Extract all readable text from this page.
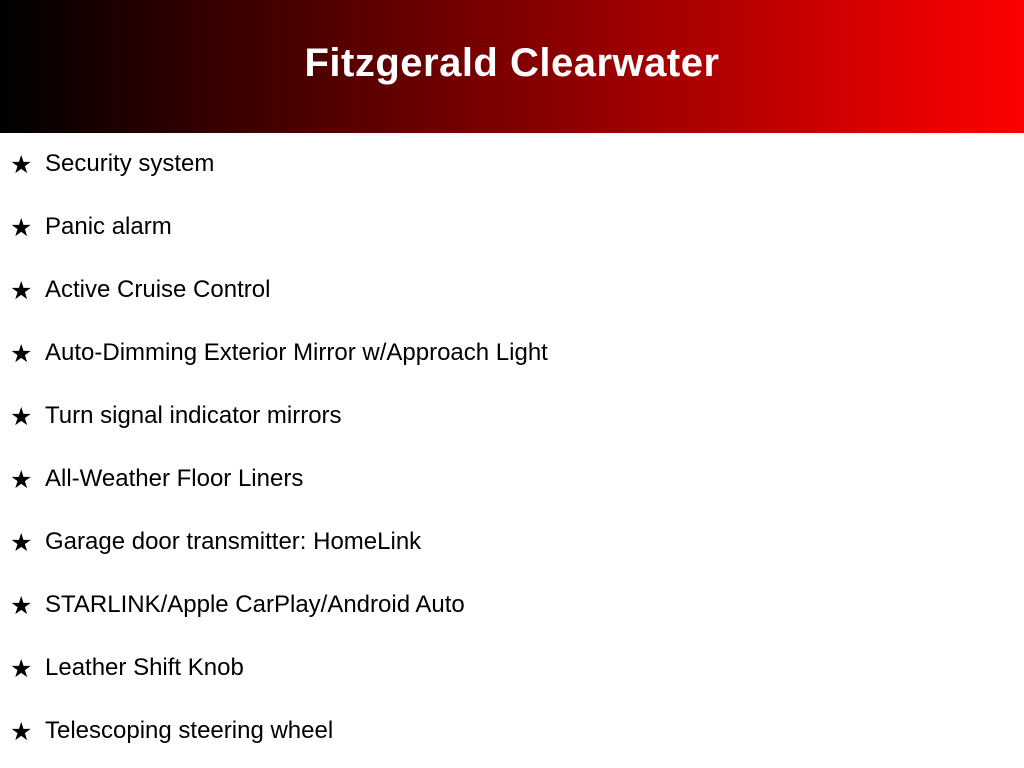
Fitzgerald Clearwater
★ Security system
★ Panic alarm
★ Active Cruise Control
★ Auto-Dimming Exterior Mirror w/Approach Light
★ Turn signal indicator mirrors
★ All-Weather Floor Liners
★ Garage door transmitter: HomeLink
★ STARLINK/Apple CarPlay/Android Auto
★ Leather Shift Knob
★ Telescoping steering wheel
